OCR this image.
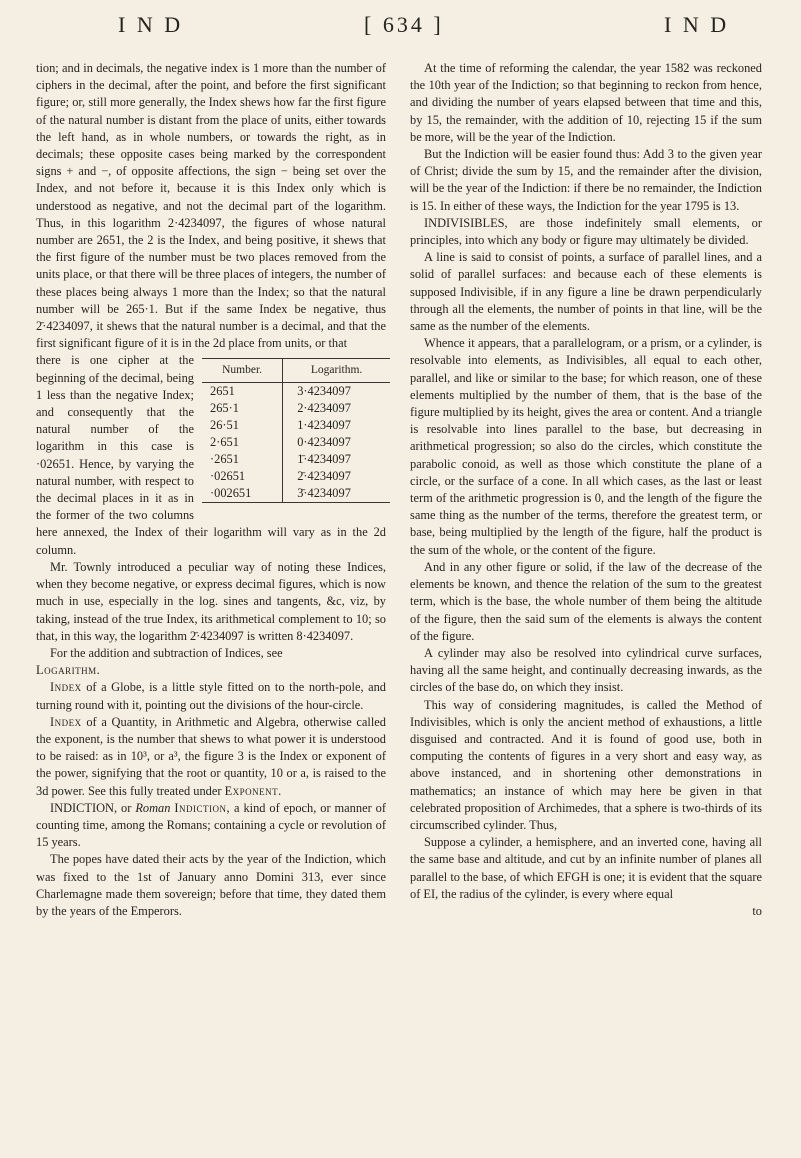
I N D	[ 634 ]	I N D

tion; and in decimals, the negative index is 1 more than the number of ciphers in the decimal, after the point, and before the first significant figure; or, still more generally, the Index shews how far the first figure of the natural number is distant from the place of units, either towards the left hand, as in whole numbers, or towards the right, as in decimals; these opposite cases being marked by the correspondent signs + and −, of opposite affections, the sign − being set over the Index, and not before it, because it is this Index only which is understood as negative, and not the decimal part of the logarithm. Thus, in this logarithm 2·4234097, the figures of whose natural number are 2651, the 2 is the Index, and being positive, it shews that the first figure of the number must be two places removed from the units place, or that there will be three places of integers, the number of these places being always 1 more than the Index; so that the natural number will be 265·1. But if the same Index be negative, thus 2̄·4234097, it shews that the natural number is a decimal, and that the first significant figure of it is in the 2d place from units, or that

Number.	Logarithm.
2651	3·4234097
265·1	2·4234097
26·51	1·4234097
2·651	0·4234097
·2651	1̄·4234097
·02651	2̄·4234097
·002651	3̄·4234097

there is one cipher at the beginning of the decimal, being 1 less than the negative Index; and consequently that the natural number of the logarithm in this case is ·02651. Hence, by varying the natural number, with respect to the decimal places in it as in the former of the two columns here annexed, the Index of their logarithm will vary as in the 2d column.

Mr. Townly introduced a peculiar way of noting these Indices, when they become negative, or express decimal figures, which is now much in use, especially in the log. sines and tangents, &c, viz, by taking, instead of the true Index, its arithmetical complement to 10; so that, in this way, the logarithm 2̄·4234097 is written 8·4234097.

For the addition and subtraction of Indices, see

Logarithm.

Index of a Globe, is a little style fitted on to the north-pole, and turning round with it, pointing out the divisions of the hour-circle.

Index of a Quantity, in Arithmetic and Algebra, otherwise called the exponent, is the number that shews to what power it is understood to be raised: as in 10³, or a³, the figure 3 is the Index or exponent of the power, signifying that the root or quantity, 10 or a, is raised to the 3d power. See this fully treated under Exponent.

INDICTION, or Roman Indiction, a kind of epoch, or manner of counting time, among the Romans; containing a cycle or revolution of 15 years.

The popes have dated their acts by the year of the Indiction, which was fixed to the 1st of January anno Domini 313, ever since Charlemagne made them sovereign; before that time, they dated them by the years of the Emperors.

At the time of reforming the calendar, the year 1582 was reckoned the 10th year of the Indiction; so that beginning to reckon from hence, and dividing the number of years elapsed between that time and this, by 15, the remainder, with the addition of 10, rejecting 15 if the sum be more, will be the year of the Indiction.

But the Indiction will be easier found thus: Add 3 to the given year of Christ; divide the sum by 15, and the remainder after the division, will be the year of the Indiction: if there be no remainder, the Indiction is 15. In either of these ways, the Indiction for the year 1795 is 13.

INDIVISIBLES, are those indefinitely small elements, or principles, into which any body or figure may ultimately be divided.

A line is said to consist of points, a surface of parallel lines, and a solid of parallel surfaces: and because each of these elements is supposed Indivisible, if in any figure a line be drawn perpendicularly through all the elements, the number of points in that line, will be the same as the number of the elements.

Whence it appears, that a parallelogram, or a prism, or a cylinder, is resolvable into elements, as Indivisibles, all equal to each other, parallel, and like or similar to the base; for which reason, one of these elements multiplied by the number of them, that is the base of the figure multiplied by its height, gives the area or content. And a triangle is resolvable into lines parallel to the base, but decreasing in arithmetical progression; so also do the circles, which constitute the parabolic conoid, as well as those which constitute the plane of a circle, or the surface of a cone. In all which cases, as the last or least term of the arithmetic progression is 0, and the length of the figure the same thing as the number of the terms, therefore the greatest term, or base, being multiplied by the length of the figure, half the product is the sum of the whole, or the content of the figure.

And in any other figure or solid, if the law of the decrease of the elements be known, and thence the relation of the sum to the greatest term, which is the base, the whole number of them being the altitude of the figure, then the said sum of the elements is always the content of the figure.

A cylinder may also be resolved into cylindrical curve surfaces, having all the same height, and continually decreasing inwards, as the circles of the base do, on which they insist.

This way of considering magnitudes, is called the Method of Indivisibles, which is only the ancient method of exhaustions, a little disguised and contracted. And it is found of good use, both in computing the contents of figures in a very short and easy way, as above instanced, and in shortening other demonstrations in mathematics; an instance of which may here be given in that celebrated proposition of Archimedes, that a sphere is two-thirds of its circumscribed cylinder. Thus,

Suppose a cylinder, a hemisphere, and an inverted cone, having all the same base and altitude, and cut by an infinite number of planes all parallel to the base, of which EFGH is one; it is evident that the square of EI, the radius of the cylinder, is every where equal

to
